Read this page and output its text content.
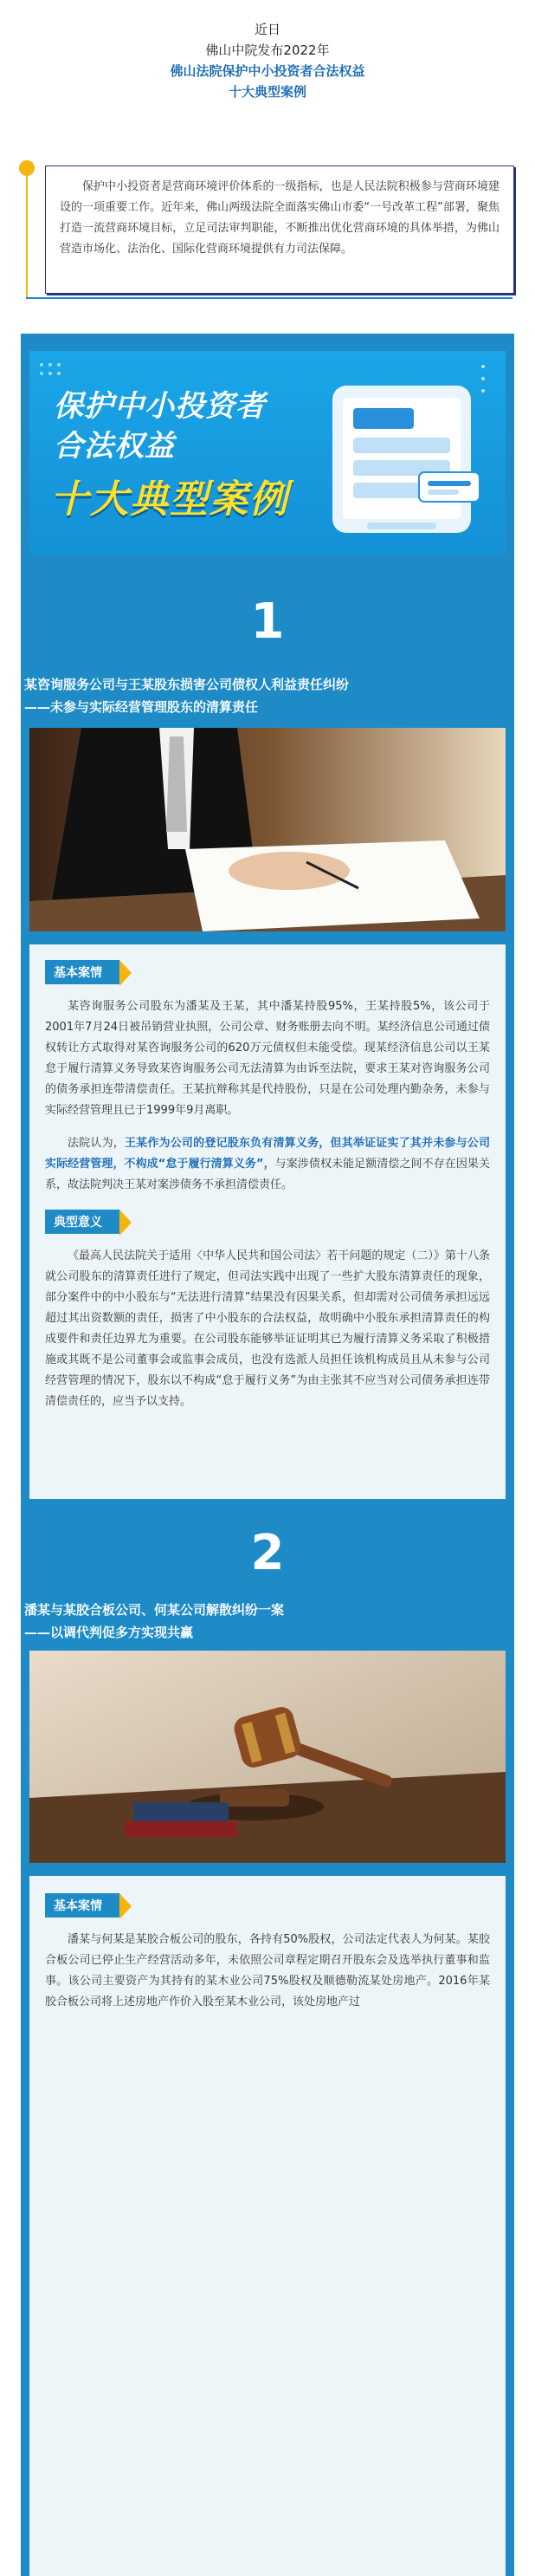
近日
佛山中院发布2022年
佛山法院保护中小投资者合法权益
十大典型案例

保护中小投资者是营商环境评价体系的一级指标，也是人民法院积极参与营商环境建设的一项重要工作。近年来，佛山两级法院全面落实佛山市委“一号改革工程”部署，聚焦打造一流营商环境目标，立足司法审判职能，不断推出优化营商环境的具体举措，为佛山营造市场化、法治化、国际化营商环境提供有力司法保障。

保护中小投资者
合法权益
十大典型案例
1
某咨询服务公司与王某股东损害公司债权人利益责任纠纷
——未参与实际经营管理股东的清算责任
基本案情

某咨询服务公司股东为潘某及王某，其中潘某持股95%，王某持股5%，该公司于2001年7月24日被吊销营业执照，公司公章、财务账册去向不明。某经济信息公司通过债权转让方式取得对某咨询服务公司的620万元债权但未能受偿。现某经济信息公司以王某怠于履行清算义务导致某咨询服务公司无法清算为由诉至法院，要求王某对咨询服务公司的债务承担连带清偿责任。王某抗辩称其是代持股份，只是在公司处理内勤杂务，未参与实际经营管理且已于1999年9月离职。

法院认为，王某作为公司的登记股东负有清算义务，但其举证证实了其并未参与公司实际经营管理，不构成“怠于履行清算义务”，与案涉债权未能足额清偿之间不存在因果关系，故法院判决王某对案涉债务不承担清偿责任。

典型意义

《最高人民法院关于适用〈中华人民共和国公司法〉若干问题的规定（二）》第十八条就公司股东的清算责任进行了规定，但司法实践中出现了一些扩大股东清算责任的现象，部分案件中的中小股东与“无法进行清算”结果没有因果关系，但却需对公司债务承担远远超过其出资数额的责任，损害了中小股东的合法权益，故明确中小股东承担清算责任的构成要件和责任边界尤为重要。在公司股东能够举证证明其已为履行清算义务采取了积极措施或其既不是公司董事会或监事会成员，也没有选派人员担任该机构成员且从未参与公司经营管理的情况下，股东以不构成“怠于履行义务”为由主张其不应当对公司债务承担连带清偿责任的，应当予以支持。

2
潘某与某胶合板公司、何某公司解散纠纷一案
——以调代判促多方实现共赢
基本案情

潘某与何某是某胶合板公司的股东，各持有50%股权，公司法定代表人为何某。某胶合板公司已停止生产经营活动多年，未依照公司章程定期召开股东会及选举执行董事和监事。该公司主要资产为其持有的某木业公司75%股权及顺德勒流某处房地产。2016年某胶合板公司将上述房地产作价入股至某木业公司，该处房地产过
